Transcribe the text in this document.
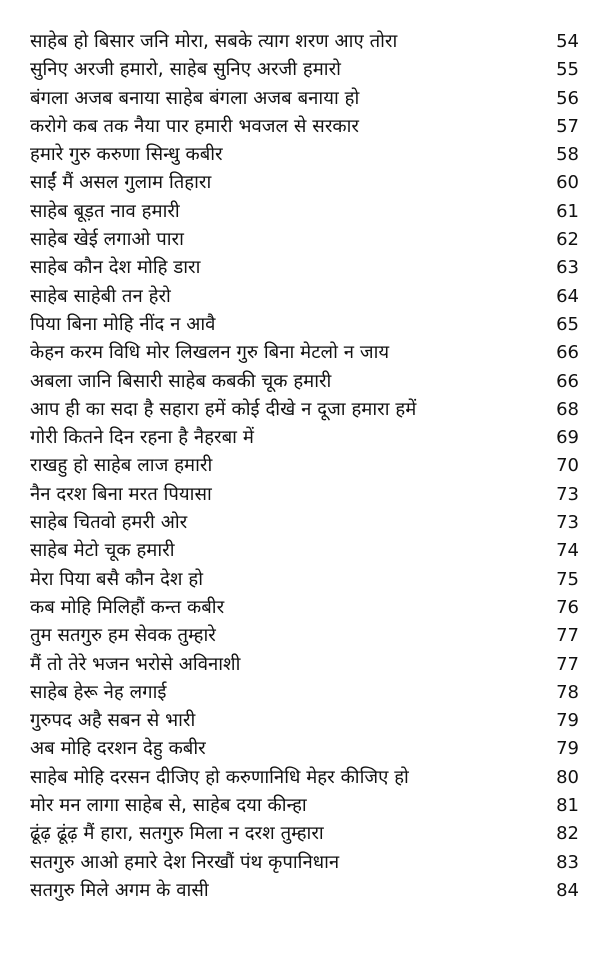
साहेब हो बिसार जनि मोरा, सबके त्याग शरण आए तोरा	54
सुनिए अरजी हमारो, साहेब सुनिए अरजी हमारो	55
बंगला अजब बनाया साहेब बंगला अजब बनाया हो	56
करोगे कब तक नैया पार हमारी भवजल से सरकार	57
हमारे गुरु करुणा सिन्धु कबीर	58
साईं मैं असल गुलाम तिहारा	60
साहेब बूड़त नाव हमारी	61
साहेब खेई लगाओ पारा	62
साहेब कौन देश मोहि डारा	63
साहेब साहेबी तन हेरो	64
पिया बिना मोहि नींद न आवै	65
केहन करम विधि मोर लिखलन गुरु बिना मेटलो न जाय	66
अबला जानि बिसारी साहेब कबकी चूक हमारी	66
आप ही का सदा है सहारा हमें कोई दीखे न दूजा हमारा हमें	68
गोरी कितने दिन रहना है नैहरबा में	69
राखहु हो साहेब लाज हमारी	70
नैन दरश बिना मरत पियासा	73
साहेब चितवो हमरी ओर	73
साहेब मेटो चूक हमारी	74
मेरा पिया बसै कौन देश हो	75
कब मोहि मिलिहौं कन्त कबीर	76
तुम सतगुरु हम सेवक तुम्हारे	77
मैं तो तेरे भजन भरोसे अविनाशी	77
साहेब हेरू नेह लगाई	78
गुरुपद अहै सबन से भारी	79
अब मोहि दरशन देहु कबीर	79
साहेब मोहि दरसन दीजिए हो करुणानिधि मेहर कीजिए हो	80
मोर मन लागा साहेब से, साहेब दया कीन्हा	81
ढूंढ़ ढूंढ़ मैं हारा, सतगुरु मिला न दरश तुम्हारा	82
सतगुरु आओ हमारे देश निरखौं पंथ कृपानिधान	83
सतगुरु मिले अगम के वासी	84
